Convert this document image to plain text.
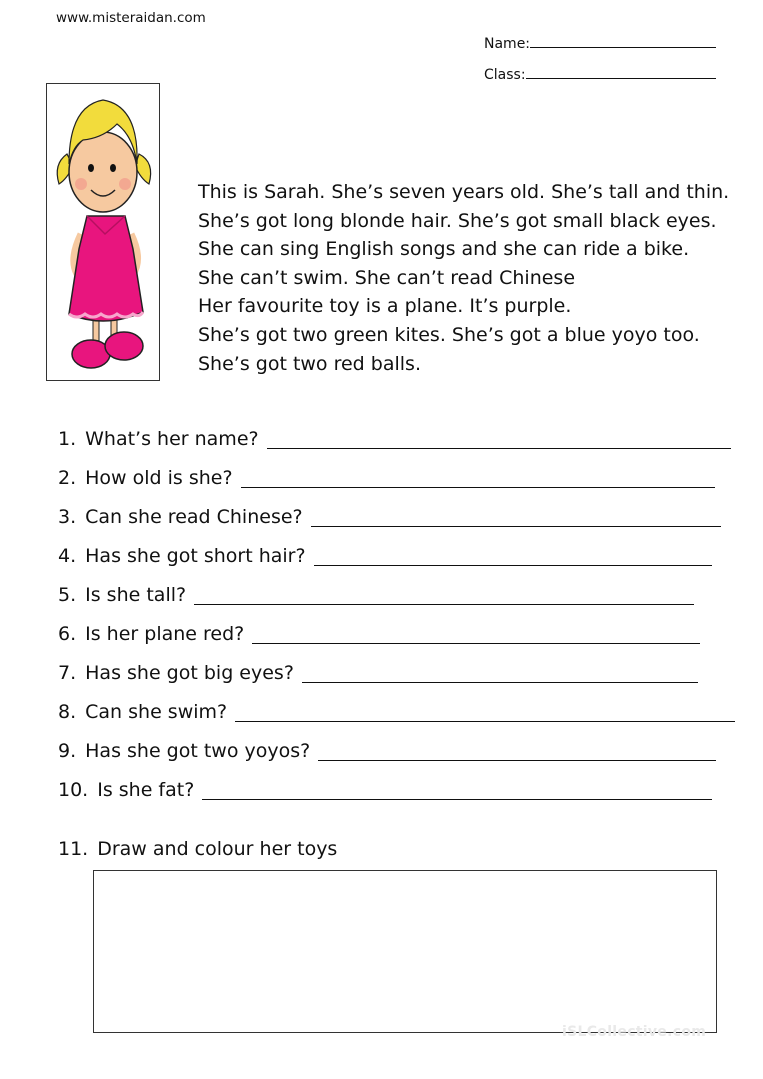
www.misteraidan.com
Name:
Class:
This is Sarah. She’s seven years old. She’s tall and thin.
She’s got long blonde hair. She’s got small black eyes.
She can sing English songs and she can ride a bike.
She can’t swim. She can’t read Chinese
Her favourite toy is a plane. It’s purple.
She’s got two green kites. She’s got a blue yoyo too.
She’s got two red balls.
1. What’s her name?
2. How old is she?
3. Can she read Chinese?
4. Has she got short hair?
5. Is she tall?
6. Is her plane red?
7. Has she got big eyes?
8. Can she swim?
9. Has she got two yoyos?
10. Is she fat?
11. Draw and colour her toys
iSLCollective.com
